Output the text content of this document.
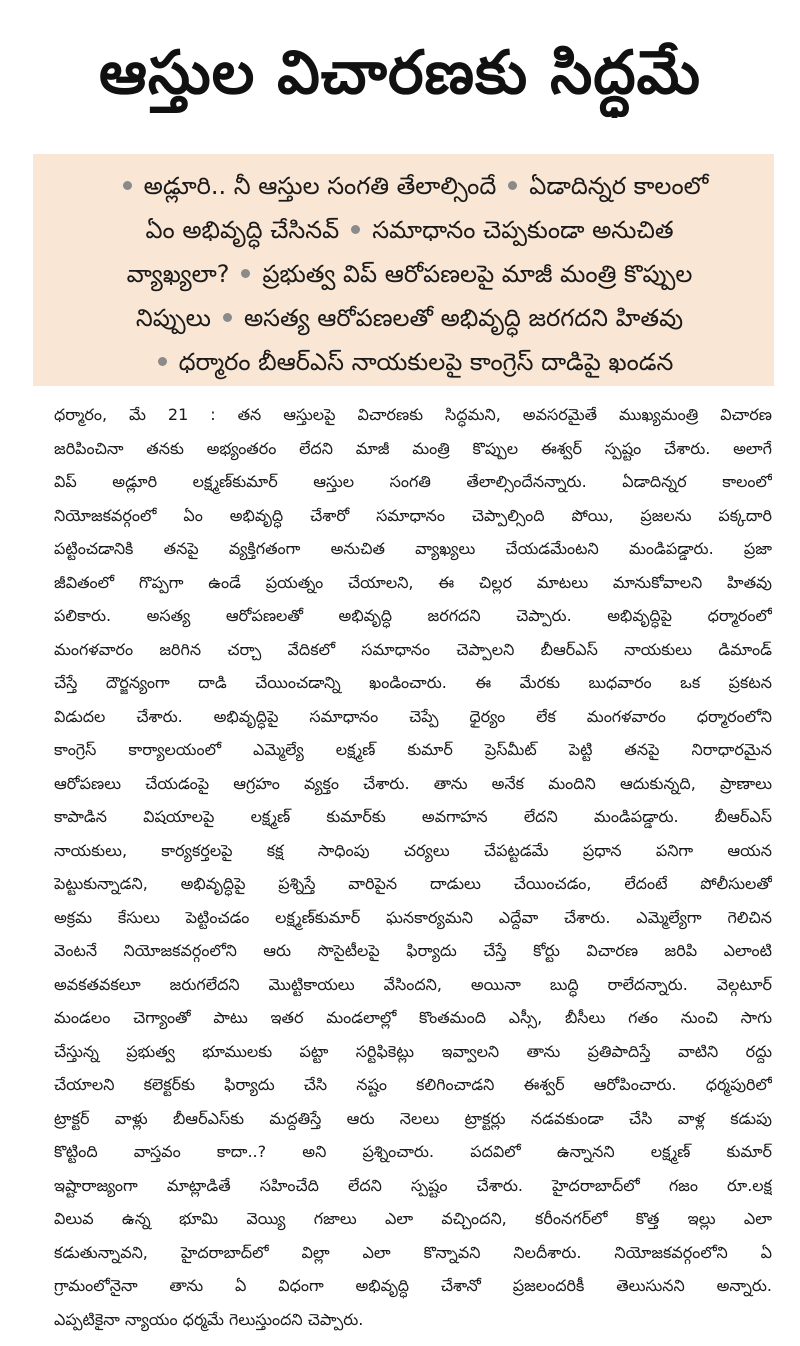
ఆస్తుల విచారణకు సిద్ధమే
అడ్లూరి.. నీ ఆస్తుల సంగతి తేలాల్సిందే ఏడాదిన్నర కాలంలో
ఏం అభివృద్ధి చేసినవ్ సమాధానం చెప్పకుండా అనుచిత
వ్యాఖ్యలా? ప్రభుత్వ విప్ ఆరోపణలపై మాజీ మంత్రి కొప్పుల
నిప్పులు అసత్య ఆరోపణలతో అభివృద్ధి జరగదని హితవు
ధర్మారం బీఆర్ఎస్ నాయకులపై కాంగ్రెస్ దాడిపై ఖండన
ధర్మారం, మే 21 : తన ఆస్తులపై విచారణకు సిద్ధమని, అవసరమైతే ముఖ్యమంత్రి విచారణ
జరిపించినా తనకు అభ్యంతరం లేదని మాజీ మంత్రి కొప్పుల ఈశ్వర్ స్పష్టం చేశారు. అలాగే
విప్ అడ్లూరి లక్ష్మణ్‌కుమార్ ఆస్తుల సంగతి తేలాల్సిందేనన్నారు. ఏడాదిన్నర కాలంలో
నియోజకవర్గంలో ఏం అభివృద్ధి చేశారో సమాధానం చెప్పాల్సింది పోయి, ప్రజలను పక్కదారి
పట్టించడానికి తనపై వ్యక్తిగతంగా అనుచిత వ్యాఖ్యలు చేయడమేంటని మండిపడ్డారు. ప్రజా
జీవితంలో గొప్పగా ఉండే ప్రయత్నం చేయాలని, ఈ చిల్లర మాటలు మానుకోవాలని హితవు
పలికారు. అసత్య ఆరోపణలతో అభివృద్ధి జరగదని చెప్పారు. అభివృద్ధిపై ధర్మారంలో
మంగళవారం జరిగిన చర్చా వేదికలో సమాధానం చెప్పాలని బీఆర్ఎస్ నాయకులు డిమాండ్
చేస్తే దౌర్జన్యంగా దాడి చేయించడాన్ని ఖండించారు. ఈ మేరకు బుధవారం ఒక ప్రకటన
విడుదల చేశారు. అభివృద్ధిపై సమాధానం చెప్పే ధైర్యం లేక మంగళవారం ధర్మారంలోని
కాంగ్రెస్ కార్యాలయంలో ఎమ్మెల్యే లక్ష్మణ్ కుమార్ ప్రెస్‌మీట్ పెట్టి తనపై నిరాధారమైన
ఆరోపణలు చేయడంపై ఆగ్రహం వ్యక్తం చేశారు. తాను అనేక మందిని ఆదుకున్నది, ప్రాణాలు
కాపాడిన విషయాలపై లక్ష్మణ్ కుమార్‌కు అవగాహన లేదని మండిపడ్డారు. బీఆర్ఎస్
నాయకులు, కార్యకర్తలపై కక్ష సాధింపు చర్యలు చేపట్టడమే ప్రధాన పనిగా ఆయన
పెట్టుకున్నాడని, అభివృద్ధిపై ప్రశ్నిస్తే వారిపైన దాడులు చేయించడం, లేదంటే పోలీసులతో
అక్రమ కేసులు పెట్టించడం లక్ష్మణ్‌కుమార్ ఘనకార్యమని ఎద్దేవా చేశారు. ఎమ్మెల్యేగా గెలిచిన
వెంటనే నియోజకవర్గంలోని ఆరు సొసైటీలపై ఫిర్యాదు చేస్తే కోర్టు విచారణ జరిపి ఎలాంటి
అవకతవకలూ జరుగలేదని మొట్టికాయలు వేసిందని, అయినా బుద్ధి రాలేదన్నారు. వెల్గటూర్
మండలం చెగ్యాంతో పాటు ఇతర మండలాల్లో కొంతమంది ఎస్సీ, బీసీలు గతం నుంచి సాగు
చేస్తున్న ప్రభుత్వ భూములకు పట్టా సర్టిఫికెట్లు ఇవ్వాలని తాను ప్రతిపాదిస్తే వాటిని రద్దు
చేయాలని కలెక్టర్‌కు ఫిర్యాదు చేసి నష్టం కలిగించాడని ఈశ్వర్ ఆరోపించారు. ధర్మపురిలో
ట్రాక్టర్ వాళ్లు బీఆర్ఎస్‌కు మద్దతిస్తే ఆరు నెలలు ట్రాక్టర్లు నడవకుండా చేసి వాళ్ల కడుపు
కొట్టింది వాస్తవం కాదా..? అని ప్రశ్నించారు. పదవిలో ఉన్నానని లక్ష్మణ్ కుమార్
ఇష్టారాజ్యంగా మాట్లాడితే సహించేది లేదని స్పష్టం చేశారు. హైదరాబాద్‌లో గజం రూ.లక్ష
విలువ ఉన్న భూమి వెయ్యి గజాలు ఎలా వచ్చిందని, కరీంనగర్‌లో కొత్త ఇల్లు ఎలా
కడుతున్నావని, హైదరాబాద్‌లో విల్లా ఎలా కొన్నావని నిలదీశారు. నియోజకవర్గంలోని ఏ
గ్రామంలోనైనా తాను ఏ విధంగా అభివృద్ధి చేశానో ప్రజలందరికీ తెలుసునని అన్నారు.
ఎప్పటికైనా న్యాయం ధర్మమే గెలుస్తుందని చెప్పారు.
